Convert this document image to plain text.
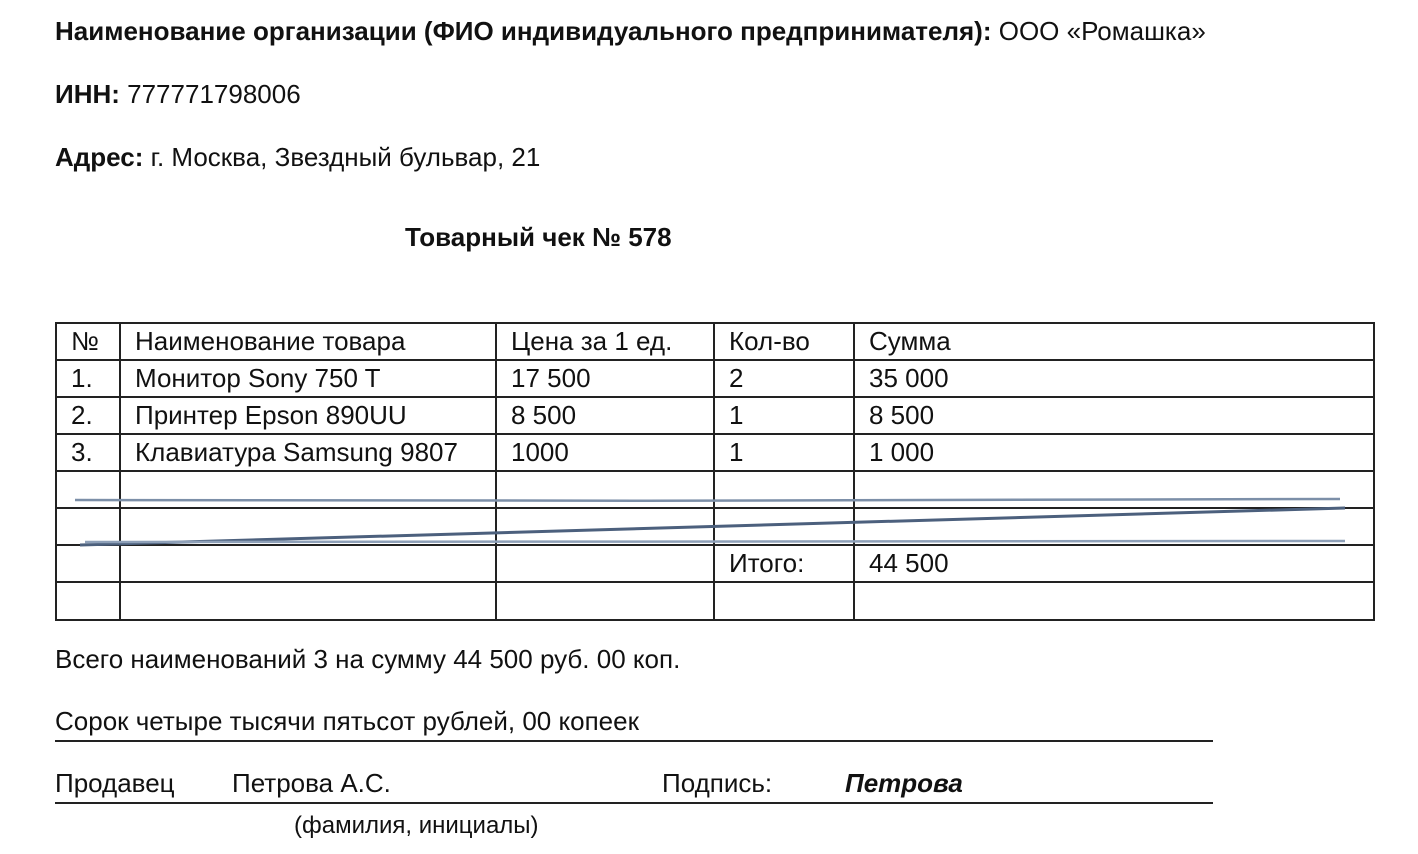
Наименование организации (ФИО индивидуального предпринимателя): ООО «Ромашка»
ИНН: 777771798006
Адрес: г. Москва, Звездный бульвар, 21
Товарный чек № 578
№	Наименование товара	Цена за 1 ед.	Кол-во	Сумма
1.	Монитор Sony 750 T	17 500	2	35 000
2.	Принтер Epson 890UU	8 500	1	8 500
3.	Клавиатура Samsung 9807	1000	1	1 000

			Итого:	44 500

Всего наименований 3 на сумму 44 500 руб. 00 коп.
Сорок четыре тысячи пятьсот рублей, 00 копеек
Продавец Петрова А.С.	Подпись:	Петрова
(фамилия, инициалы)
